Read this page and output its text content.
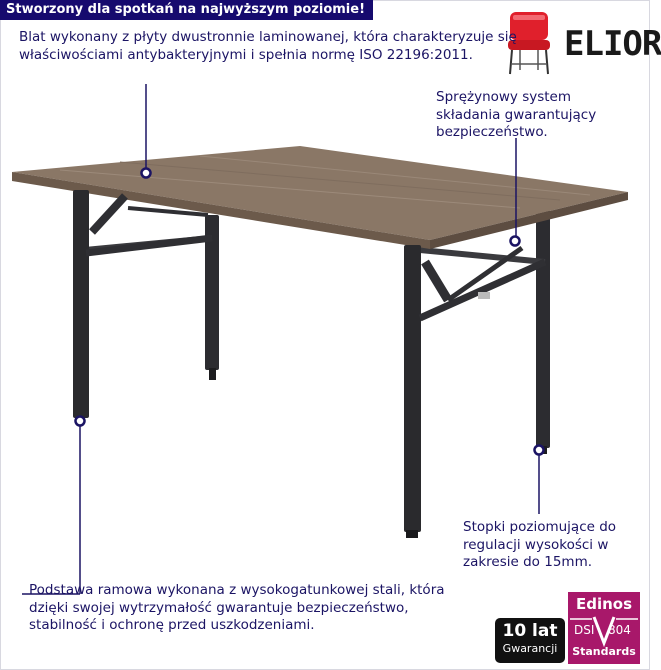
Stworzony dla spotkań na najwyższym poziomie!
ELIOR
Blat wykonany z płyty dwustronnie laminowanej, która charakteryzuje się właściwościami antybakteryjnymi i spełnia normę ISO 22196:2011.
Sprężynowy system składania gwarantujący bezpieczeństwo.
Stopki poziomujące do regulacji wysokości w zakresie do 15mm.
Podstawa ramowa wykonana z wysokogatunkowej stali, która dzięki swojej wytrzymałość gwarantuje bezpieczeństwo, stabilność i ochronę przed uszkodzeniami.	10 lat
Gwarancji
Edinos
DSI 804
Standards
